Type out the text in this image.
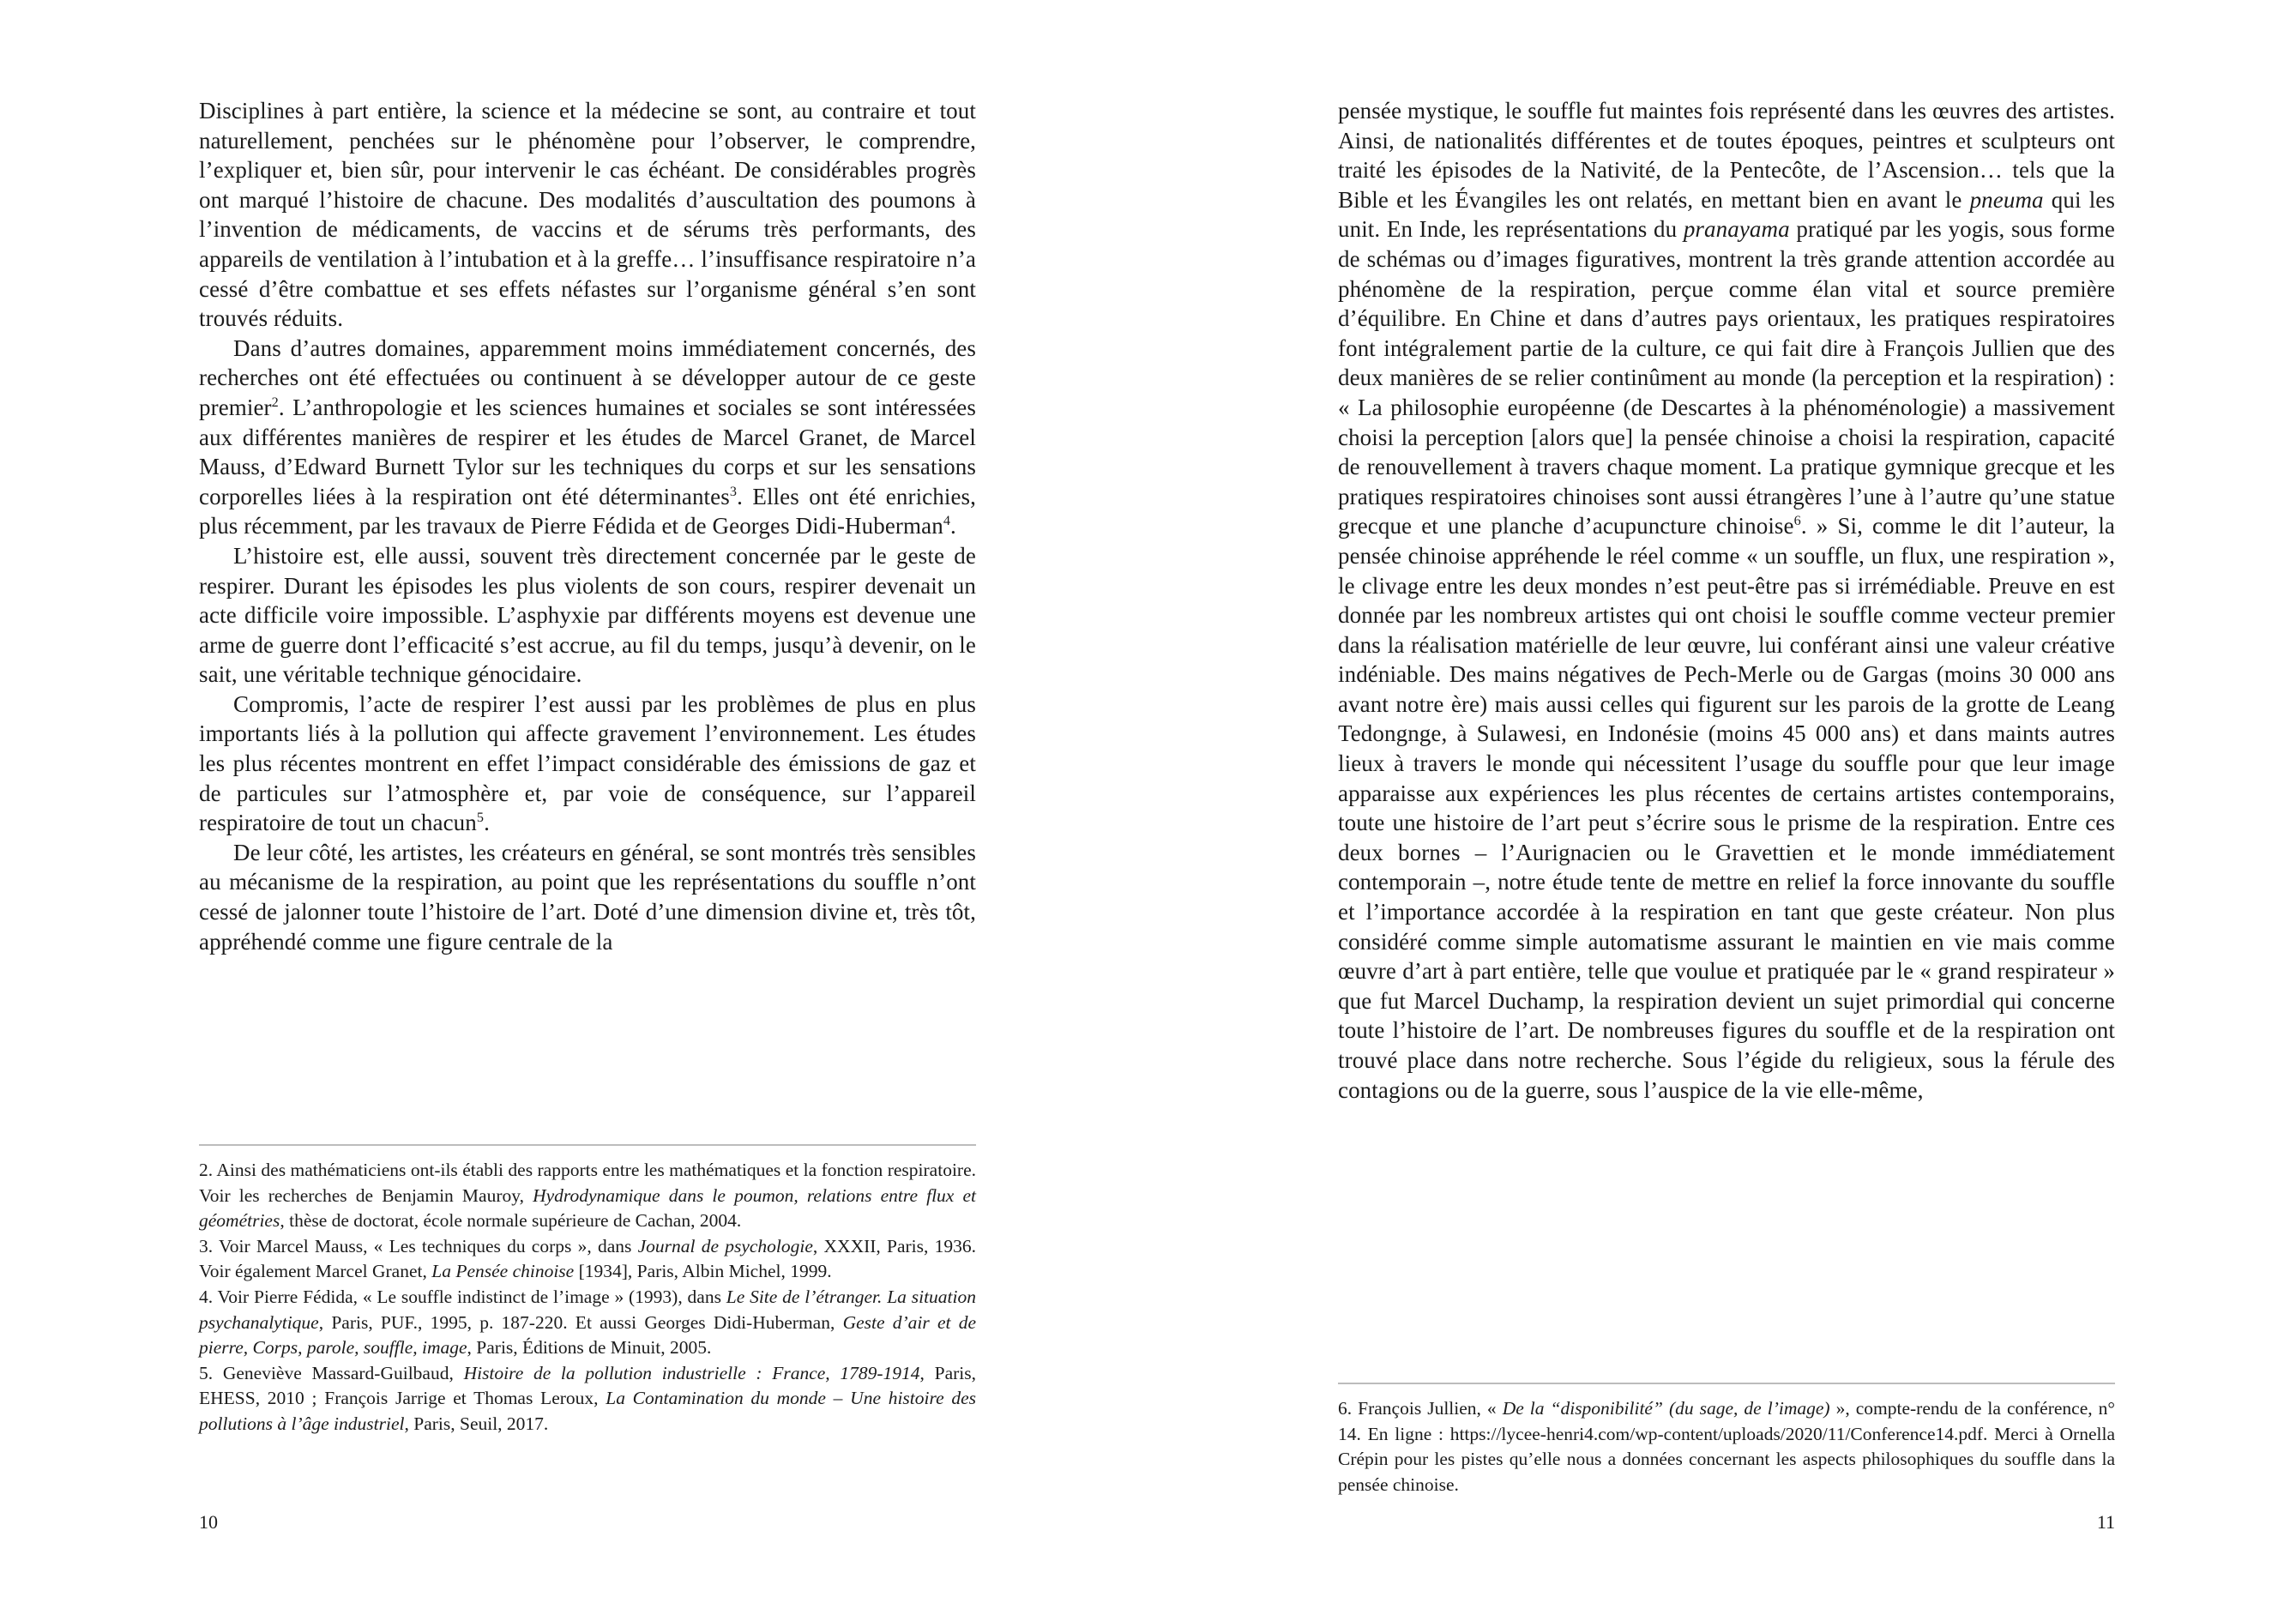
Disciplines à part entière, la science et la médecine se sont, au contraire et tout naturellement, penchées sur le phénomène pour l’observer, le comprendre, l’expliquer et, bien sûr, pour intervenir le cas échéant. De considérables progrès ont marqué l’histoire de chacune. Des modalités d’auscultation des poumons à l’invention de médicaments, de vaccins et de sérums très performants, des appareils de ventilation à l’intubation et à la greffe… l’insuffisance respiratoire n’a cessé d’être combattue et ses effets néfastes sur l’organisme général s’en sont trouvés réduits.

Dans d’autres domaines, apparemment moins immédiatement concernés, des recherches ont été effectuées ou continuent à se développer autour de ce geste premier$^2$. L’anthropologie et les sciences humaines et sociales se sont intéressées aux différentes manières de respirer et les études de Marcel Granet, de Marcel Mauss, d’Edward Burnett Tylor sur les techniques du corps et sur les sensations corporelles liées à la respiration ont été déterminantes$^3$. Elles ont été enrichies, plus récemment, par les travaux de Pierre Fédida et de Georges Didi-Huberman$^4$.

L’histoire est, elle aussi, souvent très directement concernée par le geste de respirer. Durant les épisodes les plus violents de son cours, respirer devenait un acte difficile voire impossible. L’asphyxie par différents moyens est devenue une arme de guerre dont l’efficacité s’est accrue, au fil du temps, jusqu’à devenir, on le sait, une véritable technique génocidaire.

Compromis, l’acte de respirer l’est aussi par les problèmes de plus en plus importants liés à la pollution qui affecte gravement l’environnement. Les études les plus récentes montrent en effet l’impact considérable des émissions de gaz et de particules sur l’atmosphère et, par voie de conséquence, sur l’appareil respiratoire de tout un chacun$^5$.

De leur côté, les artistes, les créateurs en général, se sont montrés très sensibles au mécanisme de la respiration, au point que les représentations du souffle n’ont cessé de jalonner toute l’histoire de l’art. Doté d’une dimension divine et, très tôt, appréhendé comme une figure centrale de la

2. Ainsi des mathématiciens ont-ils établi des rapports entre les mathématiques et la fonction respiratoire. Voir les recherches de Benjamin Mauroy, Hydrodynamique dans le poumon, relations entre flux et géométries, thèse de doctorat, école normale supérieure de Cachan, 2004.

3. Voir Marcel Mauss, « Les techniques du corps », dans Journal de psychologie, XXXII, Paris, 1936. Voir également Marcel Granet, La Pensée chinoise [1934], Paris, Albin Michel, 1999.

4. Voir Pierre Fédida, « Le souffle indistinct de l’image » (1993), dans Le Site de l’étranger. La situation psychanalytique, Paris, PUF., 1995, p. 187-220. Et aussi Georges Didi-Huberman, Geste d’air et de pierre, Corps, parole, souffle, image, Paris, Éditions de Minuit, 2005.

5. Geneviève Massard-Guilbaud, Histoire de la pollution industrielle : France, 1789-1914, Paris, EHESS, 2010 ; François Jarrige et Thomas Leroux, La Contamination du monde – Une histoire des pollutions à l’âge industriel, Paris, Seuil, 2017.

10

pensée mystique, le souffle fut maintes fois représenté dans les œuvres des artistes. Ainsi, de nationalités différentes et de toutes époques, peintres et sculpteurs ont traité les épisodes de la Nativité, de la Pentecôte, de l’Ascension… tels que la Bible et les Évangiles les ont relatés, en mettant bien en avant le pneuma qui les unit. En Inde, les représentations du pranayama pratiqué par les yogis, sous forme de schémas ou d’images figuratives, montrent la très grande attention accordée au phénomène de la respiration, perçue comme élan vital et source première d’équilibre. En Chine et dans d’autres pays orientaux, les pratiques respiratoires font intégralement partie de la culture, ce qui fait dire à François Jullien que des deux manières de se relier continûment au monde (la perception et la respiration) : « La philosophie européenne (de Descartes à la phénoménologie) a massivement choisi la perception [alors que] la pensée chinoise a choisi la respiration, capacité de renouvellement à travers chaque moment. La pratique gymnique grecque et les pratiques respiratoires chinoises sont aussi étrangères l’une à l’autre qu’une statue grecque et une planche d’acupuncture chinoise$^6$. » Si, comme le dit l’auteur, la pensée chinoise appréhende le réel comme « un souffle, un flux, une respiration », le clivage entre les deux mondes n’est peut-être pas si irrémédiable. Preuve en est donnée par les nombreux artistes qui ont choisi le souffle comme vecteur premier dans la réalisation matérielle de leur œuvre, lui conférant ainsi une valeur créative indéniable. Des mains négatives de Pech-Merle ou de Gargas (moins 30 000 ans avant notre ère) mais aussi celles qui figurent sur les parois de la grotte de Leang Tedongnge, à Sulawesi, en Indonésie (moins 45 000 ans) et dans maints autres lieux à travers le monde qui nécessitent l’usage du souffle pour que leur image apparaisse aux expériences les plus récentes de certains artistes contemporains, toute une histoire de l’art peut s’écrire sous le prisme de la respiration. Entre ces deux bornes – l’Aurignacien ou le Gravettien et le monde immédiatement contemporain –, notre étude tente de mettre en relief la force innovante du souffle et l’importance accordée à la respiration en tant que geste créateur. Non plus considéré comme simple automatisme assurant le maintien en vie mais comme œuvre d’art à part entière, telle que voulue et pratiquée par le « grand respirateur » que fut Marcel Duchamp, la respiration devient un sujet primordial qui concerne toute l’histoire de l’art. De nombreuses figures du souffle et de la respiration ont trouvé place dans notre recherche. Sous l’égide du religieux, sous la férule des contagions ou de la guerre, sous l’auspice de la vie elle-même,

6. François Jullien, « De la “disponibilité” (du sage, de l’image) », compte-rendu de la conférence, n° 14. En ligne : https://lycee-henri4.com/wp-content/uploads/2020/11/Conference14.pdf. Merci à Ornella Crépin pour les pistes qu’elle nous a données concernant les aspects philosophiques du souffle dans la pensée chinoise.

11
